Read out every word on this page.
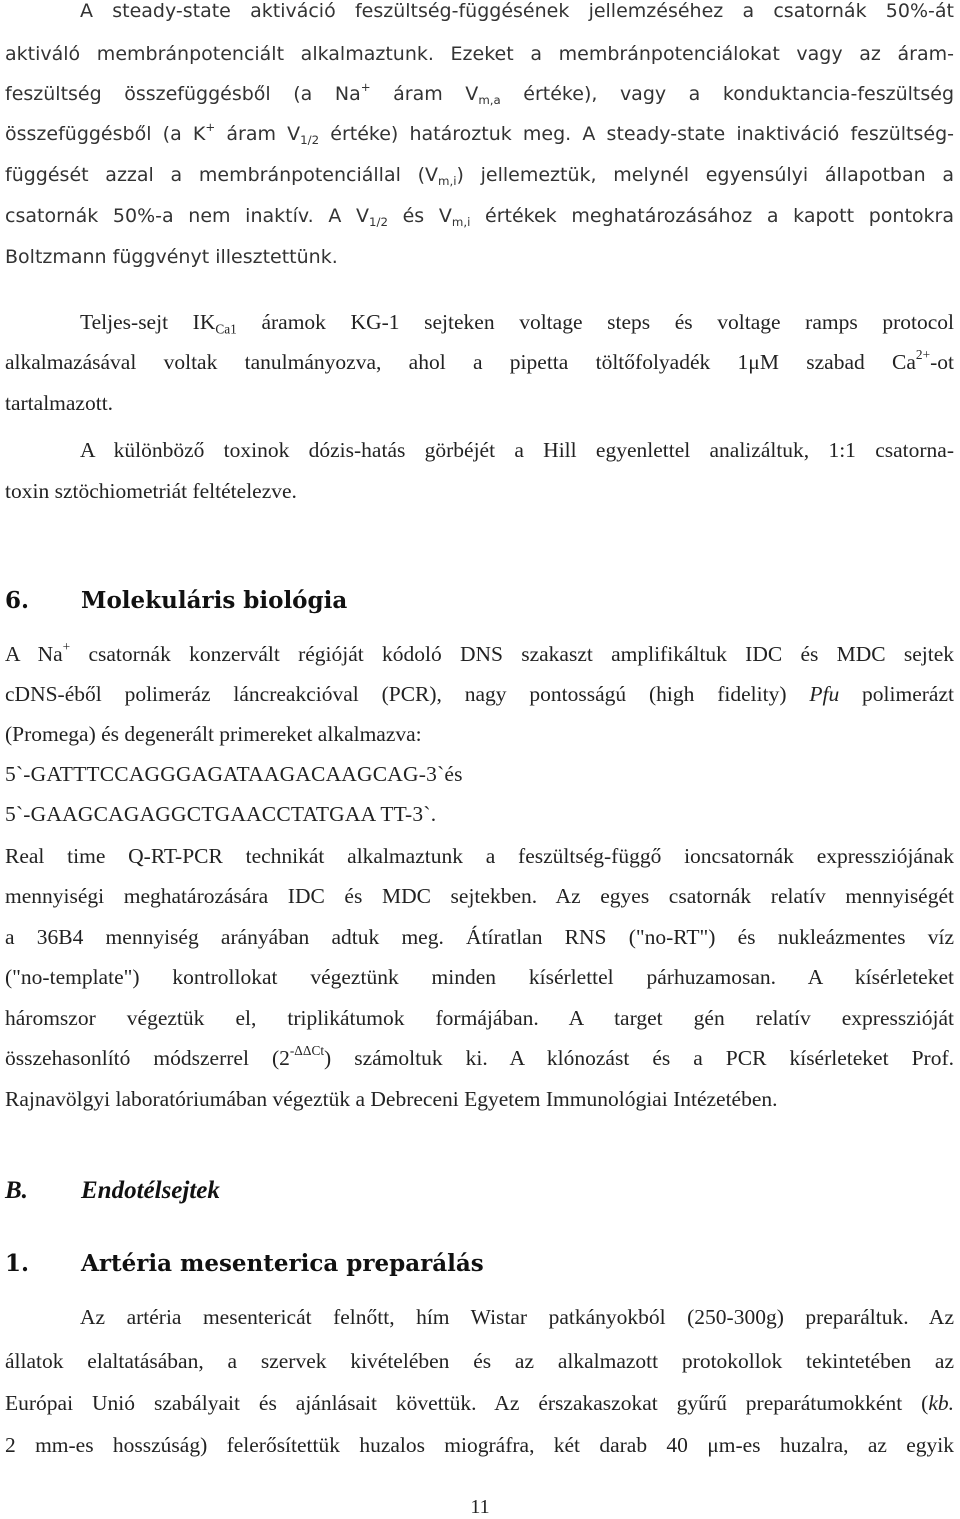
A steady-state aktiváció feszültség-függésének jellemzéséhez a csatornák 50%-át

aktiváló membránpotenciált alkalmaztunk. Ezeket a membránpotenciálokat vagy az áram-

feszültség összefüggésből (a Na+ áram $V_{m,a}$ értéke), vagy a konduktancia-feszültség

összefüggésből (a K+ áram $V_{1/2}$ értéke) határoztuk meg. A steady-state inaktiváció feszültség-

függését azzal a membránpotenciállal $(V_{m,i})$ jellemeztük, melynél egyensúlyi állapotban a

csatornák 50%-a nem inaktív. A $V_{1/2}$ és $V_{m,i}$ értékek meghatározásához a kapott pontokra

Boltzmann függvényt illesztettünk.

Teljes-sejt $IK_{Ca1}$ áramok KG-1 sejteken voltage steps és voltage ramps protocol

alkalmazásával voltak tanulmányozva, ahol a pipetta töltőfolyadék 1μM szabad $Ca^{2+}-ot$

tartalmazott.

A különböző toxinok dózis-hatás görbéjét a Hill egyenlettel analizáltuk, 1:1 csatorna-

toxin sztöchiometriát feltételezve.

6. Molekuláris biológia

A Na+ csatornák konzervált régióját kódoló DNS szakaszt amplifikáltuk IDC és MDC sejtek

cDNS-éből polimeráz láncreakcióval (PCR), nagy pontosságú (high fidelity) Pfu polimerázt

(Promega) és degenerált primereket alkalmazva:

5`-GATTTCCAGGGAGATAAGACAAGCAG-3`és

5`-GAAGCAGAGGCTGAACCTATGAA TT-3`.

Real time Q-RT-PCR technikát alkalmaztunk a feszültség-függő ioncsatornák expressziójának

mennyiségi meghatározására IDC és MDC sejtekben. Az egyes csatornák relatív mennyiségét

a 36B4 mennyiség arányában adtuk meg. Átíratlan RNS ("no-RT") és nukleázmentes víz

("no-template") kontrollokat végeztünk minden kísérlettel párhuzamosan. A kísérleteket

háromszor végeztük el, triplikátumok formájában. A target gén relatív expresszióját

összehasonlító módszerrel $(2^{-\Delta\Delta Ct})$ számoltuk ki. A klónozást és a PCR kísérleteket Prof.

Rajnavölgyi laboratóriumában végeztük a Debreceni Egyetem Immunológiai Intézetében.

B. Endotélsejtek
1. Artéria mesenterica preparálás

Az artéria mesentericát felnőtt, hím Wistar patkányokból (250-300g) preparáltuk. Az

állatok elaltatásában, a szervek kivételében és az alkalmazott protokollok tekintetében az

Európai Unió szabályait és ajánlásait követtük. Az érszakaszokat gyűrű preparátumokként (kb.

2 mm-es hosszúság) felerősítettük huzalos miográfra, két darab 40 μm-es huzalra, az egyik

11
